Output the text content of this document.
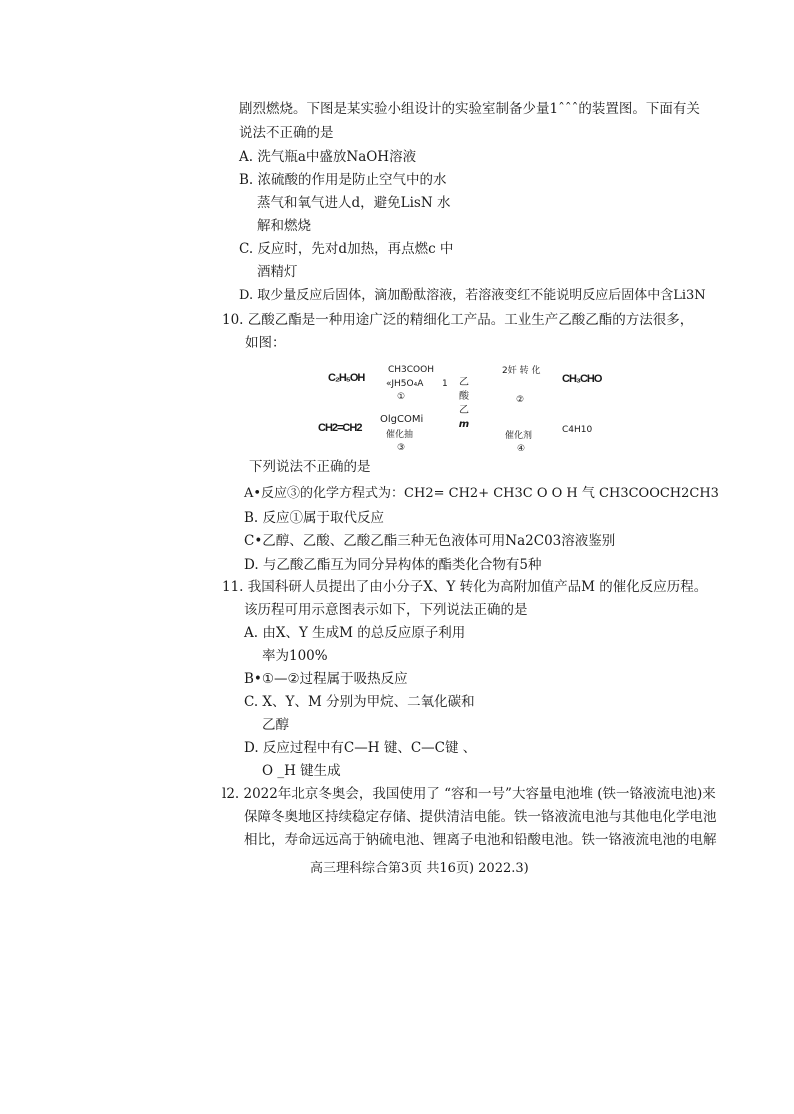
剧烈燃烧。下图是某实验小组设计的实验室制备少量1ˆˆˆ的装置图。下面有关
说法不正确的是
A. 洗气瓶a中盛放NaOH溶液
B. 浓硫酸的作用是防止空气中的水
蒸气和氧气进人d，避免LisN 水
解和燃烧
C. 反应时，先对d加热，再点燃c 中
酒精灯
D. 取少量反应后固体，滴加酚酞溶液，若溶液变红不能说明反应后固体中含Li3N
10. 乙酸乙酯是一种用途广泛的精细化工产品。工业生产乙酸乙酯的方法很多，
如图：
C₂H₅OH
CH3COOH
«JH5O₄A
①
1 乙
酸
乙
m
2奸 转 化
②
CH₃CHO
CH2=CH2
OlgCOMi
催化抽
③
催化剂
④
C4H10
下列说法不正确的是
A•反应③的化学方程式为：CH2= CH2+ CH3C O O H 气 CH3COOCH2CH3
B. 反应①属于取代反应
C•乙醇、乙酸、乙酸乙酯三种无色液体可用Na2C03溶液鉴别
D. 与乙酸乙酯互为同分异构体的酯类化合物有5种
11. 我国科研人员提出了由小分子X、Y 转化为高附加值产品M 的催化反应历程。
该历程可用示意图表示如下，下列说法正确的是
A. 由X、Y 生成M 的总反应原子利用
率为100%
B•①—②过程属于吸热反应
C. X、Y、M 分别为甲烷、二氧化碳和
乙醇
D. 反应过程中有C—H 键、C—C键 、
O _H 键生成
l2. 2022年北京冬奥会，我国使用了 “容和一号”大容量电池堆 (铁一铬液流电池)来
保障冬奥地区持续稳定存储、提供清洁电能。铁一铬液流电池与其他电化学电池
相比，寿命远远高于钠硫电池、锂离子电池和铅酸电池。铁一铬液流电池的电解
高三理科综合第3页 共16页) 2022.3)
